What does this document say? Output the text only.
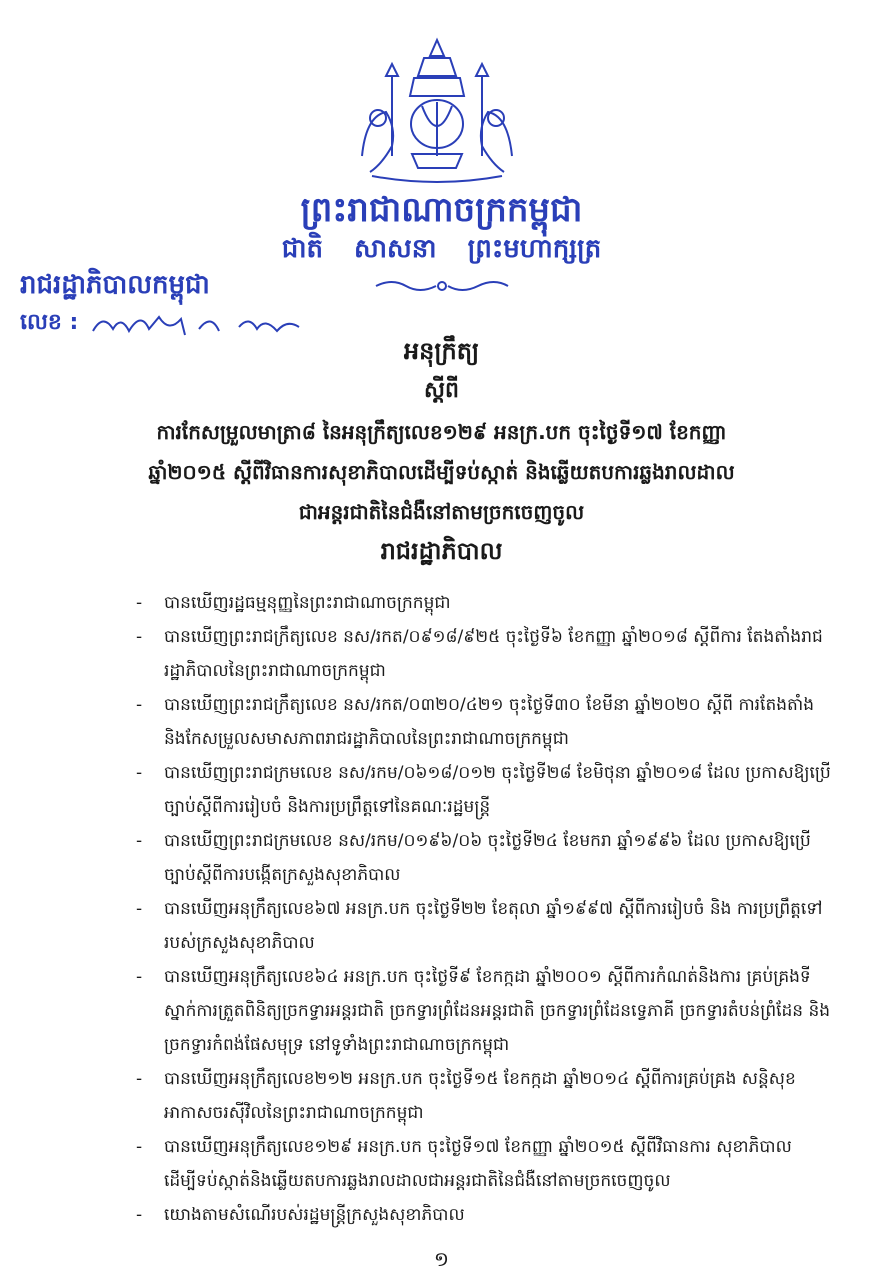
ព្រះរាជាណាចក្រកម្ពុជា
ជាតិ សាសនា ព្រះមហាក្សត្រ
រាជរដ្ឋាភិបាលកម្ពុជា
លេខ :
អនុក្រឹត្យ
ស្ដីពី
ការកែសម្រួលមាត្រា៨ នៃអនុក្រឹត្យលេខ១២៩ អនក្រ.បក ចុះថ្ងៃទី១៧ ខែកញ្ញា
ឆ្នាំ២០១៥ ស្ដីពីវិធានការសុខាភិបាលដើម្បីទប់ស្កាត់ និងឆ្លើយតបការឆ្លងរាលដាល
ជាអន្តរជាតិនៃជំងឺនៅតាមច្រកចេញចូល
រាជរដ្ឋាភិបាល
-	បានឃើញរដ្ឋធម្មនុញ្ញនៃព្រះរាជាណាចក្រកម្ពុជា
-	បានឃើញព្រះរាជក្រឹត្យលេខ នស/រកត/០៩១៨/៩២៥ ចុះថ្ងៃទី៦ ខែកញ្ញា ឆ្នាំ២០១៨ ស្ដីពីការ តែងតាំងរាជរដ្ឋាភិបាលនៃព្រះរាជាណាចក្រកម្ពុជា
-	បានឃើញព្រះរាជក្រឹត្យលេខ នស/រកត/០៣២០/៤២១ ចុះថ្ងៃទី៣០ ខែមីនា ឆ្នាំ២០២០ ស្ដីពី ការតែងតាំង និងកែសម្រួលសមាសភាពរាជរដ្ឋាភិបាលនៃព្រះរាជាណាចក្រកម្ពុជា
-	បានឃើញព្រះរាជក្រមលេខ នស/រកម/០៦១៨/០១២ ចុះថ្ងៃទី២៨ ខែមិថុនា ឆ្នាំ២០១៨ ដែល ប្រកាសឱ្យប្រើច្បាប់ស្ដីពីការរៀបចំ និងការប្រព្រឹត្តទៅនៃគណៈរដ្ឋមន្ត្រី
-	បានឃើញព្រះរាជក្រមលេខ នស/រកម/០១៩៦/០៦ ចុះថ្ងៃទី២៤ ខែមករា ឆ្នាំ១៩៩៦ ដែល ប្រកាសឱ្យប្រើច្បាប់ស្ដីពីការបង្កើតក្រសួងសុខាភិបាល
-	បានឃើញអនុក្រឹត្យលេខ៦៧ អនក្រ.បក ចុះថ្ងៃទី២២ ខែតុលា ឆ្នាំ១៩៩៧ ស្ដីពីការរៀបចំ និង ការប្រព្រឹត្តទៅរបស់ក្រសួងសុខាភិបាល
-	បានឃើញអនុក្រឹត្យលេខ៦៤ អនក្រ.បក ចុះថ្ងៃទី៩ ខែកក្កដា ឆ្នាំ២០០១ ស្ដីពីការកំណត់និងការ គ្រប់គ្រងទីស្នាក់ការត្រួតពិនិត្យច្រកទ្វារអន្តរជាតិ ច្រកទ្វារព្រំដែនអន្តរជាតិ ច្រកទ្វារព្រំដែនទ្វេភាគី ច្រកទ្វារតំបន់ព្រំដែន និងច្រកទ្វារកំពង់ផែសមុទ្រ នៅទូទាំងព្រះរាជាណាចក្រកម្ពុជា
-	បានឃើញអនុក្រឹត្យលេខ២១២ អនក្រ.បក ចុះថ្ងៃទី១៥ ខែកក្កដា ឆ្នាំ២០១៤ ស្ដីពីការគ្រប់គ្រង សន្តិសុខអាកាសចរស៊ីវិលនៃព្រះរាជាណាចក្រកម្ពុជា
-	បានឃើញអនុក្រឹត្យលេខ១២៩ អនក្រ.បក ចុះថ្ងៃទី១៧ ខែកញ្ញា ឆ្នាំ២០១៥ ស្ដីពីវិធានការ សុខាភិបាលដើម្បីទប់ស្កាត់និងឆ្លើយតបការឆ្លងរាលដាលជាអន្តរជាតិនៃជំងឺនៅតាមច្រកចេញចូល
-	យោងតាមសំណើរបស់រដ្ឋមន្ត្រីក្រសួងសុខាភិបាល
១
